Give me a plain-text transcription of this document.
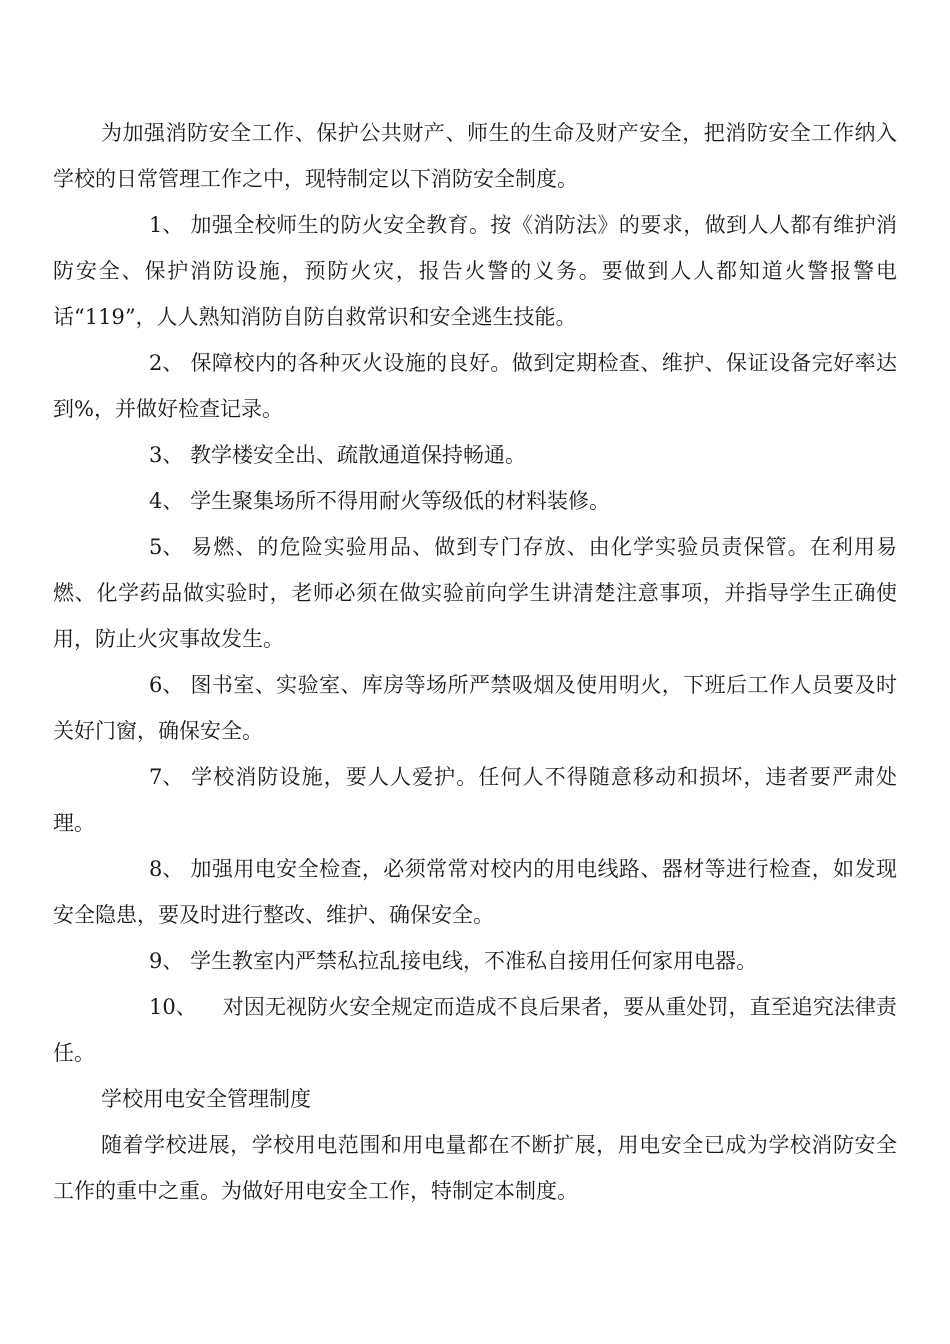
为加强消防安全工作、保护公共财产、师生的生命及财产安全，把消防安全工作纳入学校的日常管理工作之中，现特制定以下消防安全制度。

1、 加强全校师生的防火安全教育。按《消防法》的要求，做到人人都有维护消防安全、保护消防设施，预防火灾，报告火警的义务。要做到人人都知道火警报警电话“119”，人人熟知消防自防自救常识和安全逃生技能。

2、 保障校内的各种灭火设施的良好。做到定期检查、维护、保证设备完好率达到%，并做好检查记录。

3、 教学楼安全出、疏散通道保持畅通。

4、 学生聚集场所不得用耐火等级低的材料装修。

5、 易燃、的危险实验用品、做到专门存放、由化学实验员责保管。在利用易燃、化学药品做实验时，老师必须在做实验前向学生讲清楚注意事项，并指导学生正确使用，防止火灾事故发生。

6、 图书室、实验室、库房等场所严禁吸烟及使用明火，下班后工作人员要及时关好门窗，确保安全。

7、 学校消防设施，要人人爱护。任何人不得随意移动和损坏，违者要严肃处理。

8、 加强用电安全检查，必须常常对校内的用电线路、器材等进行检查，如发现安全隐患，要及时进行整改、维护、确保安全。

9、 学生教室内严禁私拉乱接电线，不准私自接用任何家用电器。

10、 对因无视防火安全规定而造成不良后果者，要从重处罚，直至追究法律责任。

学校用电安全管理制度

随着学校进展，学校用电范围和用电量都在不断扩展，用电安全已成为学校消防安全工作的重中之重。为做好用电安全工作，特制定本制度。
